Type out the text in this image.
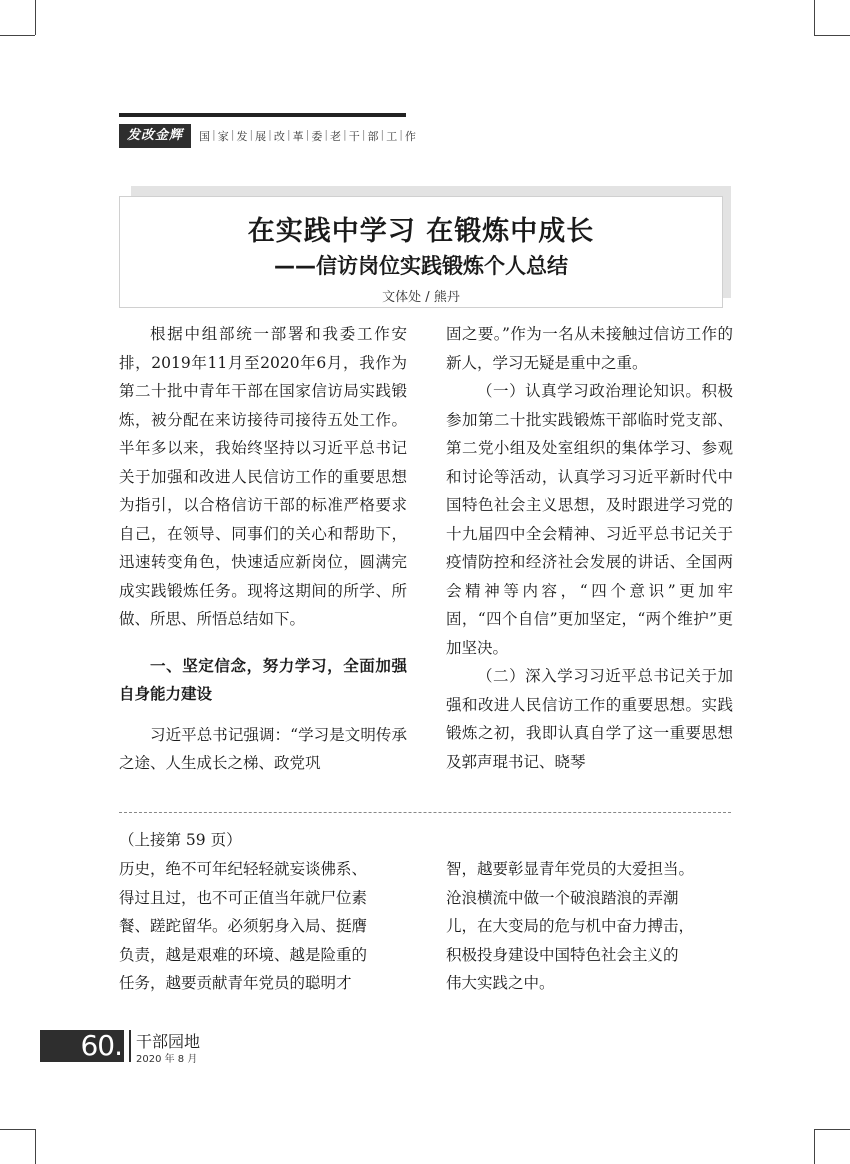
发改金辉	国 | 家 | 发 | 展 | 改 | 革 | 委 | 老 | 干 | 部 | 工 | 作
在实践中学习 在锻炼中成长
——信访岗位实践锻炼个人总结
文体处 / 熊丹

根据中组部统一部署和我委工作安排，2019年11月至2020年6月，我作为第二十批中青年干部在国家信访局实践锻炼，被分配在来访接待司接待五处工作。半年多以来，我始终坚持以习近平总书记关于加强和改进人民信访工作的重要思想为指引，以合格信访干部的标准严格要求自己，在领导、同事们的关心和帮助下，迅速转变角色，快速适应新岗位，圆满完成实践锻炼任务。现将这期间的所学、所做、所思、所悟总结如下。

一、坚定信念，努力学习，全面加强自身能力建设

习近平总书记强调：“学习是文明传承之途、人生成长之梯、政党巩

固之要。”作为一名从未接触过信访工作的新人，学习无疑是重中之重。

（一）认真学习政治理论知识。积极参加第二十批实践锻炼干部临时党支部、第二党小组及处室组织的集体学习、参观和讨论等活动，认真学习习近平新时代中国特色社会主义思想，及时跟进学习党的十九届四中全会精神、习近平总书记关于疫情防控和经济社会发展的讲话、全国两会精神等内容，“四个意识”更加牢固，“四个自信”更加坚定，“两个维护”更加坚决。

（二）深入学习习近平总书记关于加强和改进人民信访工作的重要思想。实践锻炼之初，我即认真自学了这一重要思想及郭声琨书记、晓琴

（上接第 59 页）
历史，绝不可年纪轻轻就妄谈佛系、
得过且过，也不可正值当年就尸位素
餐、蹉跎留华。必须躬身入局、挺膺
负责，越是艰难的环境、越是险重的
任务，越要贡献青年党员的聪明才
智，越要彰显青年党员的大爱担当。
沧浪横流中做一个破浪踏浪的弄潮
儿，在大变局的危与机中奋力搏击，
积极投身建设中国特色社会主义的
伟大实践之中。
60. 干部园地
2020 年 8 月
